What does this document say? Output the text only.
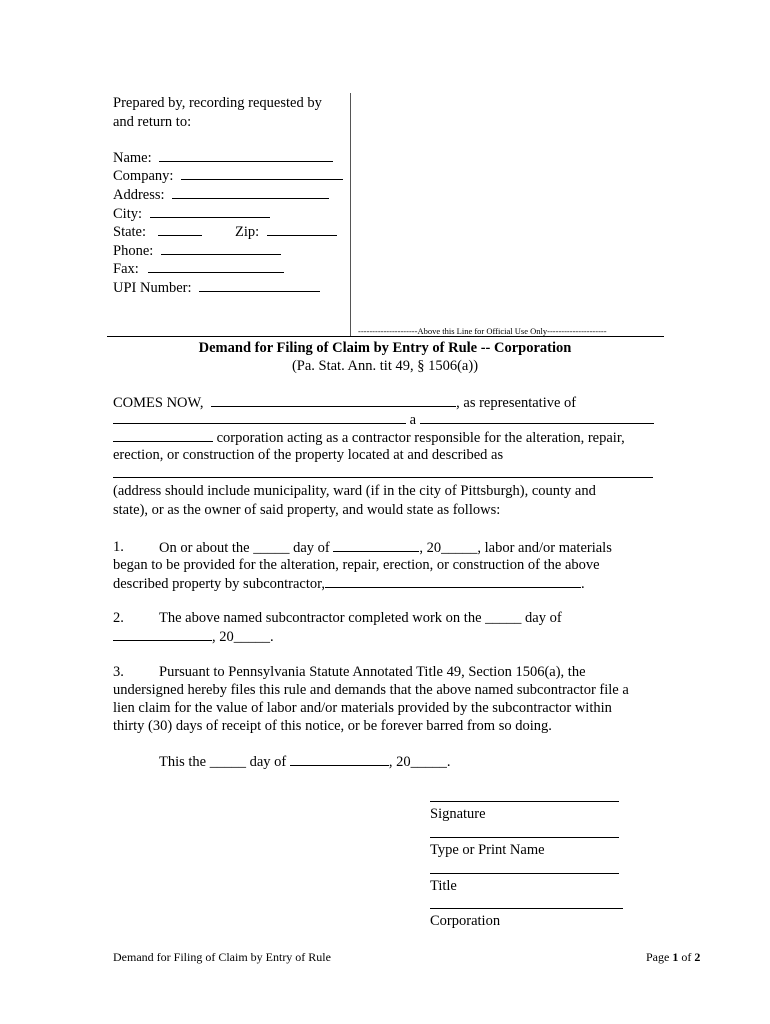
Prepared by, recording requested by
and return to:
Name:
Company:
Address:
City:
State:	Zip:
Phone:
Fax:
UPI Number:
---------------------Above this Line for Official Use Only---------------------
Demand for Filing of Claim by Entry of Rule -- Corporation
(Pa. Stat. Ann. tit 49, § 1506(a))
COMES NOW,	, as representative of
a
corporation acting as a contractor responsible for the alteration, repair,
erection, or construction of the property located at and described as
(address should include municipality, ward (if in the city of Pittsburgh), county and
state), or as the owner of said property, and would state as follows:
1. On or about the _____ day of	, 20_____, labor and/or materials
began to be provided for the alteration, repair, erection, or construction of the above
described property by subcontractor,	.
2. The above named subcontractor completed work on the _____ day of
, 20_____.
3. Pursuant to Pennsylvania Statute Annotated Title 49, Section 1506(a), the
undersigned hereby files this rule and demands that the above named subcontractor file a
lien claim for the value of labor and/or materials provided by the subcontractor within
thirty (30) days of receipt of this notice, or be forever barred from so doing.
This the _____ day of	, 20_____.
Signature
Type or Print Name
Title
Corporation
Demand for Filing of Claim by Entry of Rule	Page 1 of 2
